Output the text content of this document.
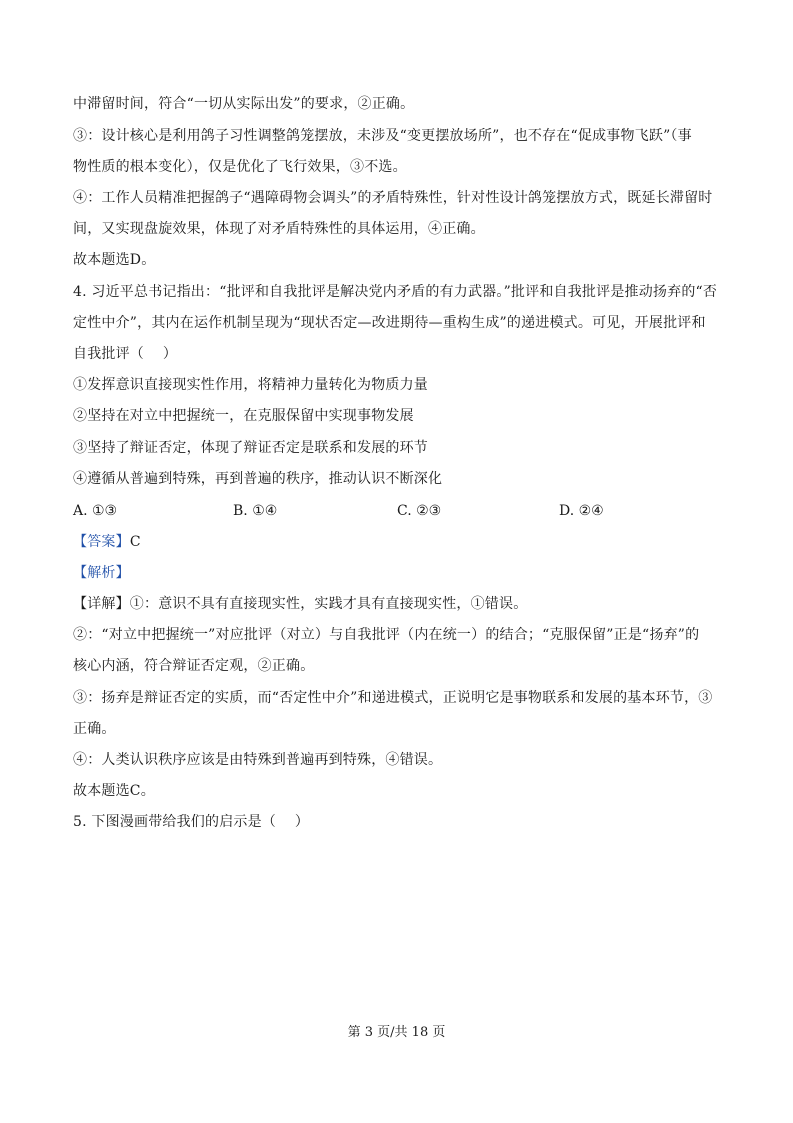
中滞留时间，符合“一切从实际出发”的要求，②正确。
③：设计核心是利用鸽子习性调整鸽笼摆放，未涉及“变更摆放场所”，也不存在“促成事物飞跃”（事
物性质的根本变化），仅是优化了飞行效果，③不选。
④：工作人员精准把握鸽子“遇障碍物会调头”的矛盾特殊性，针对性设计鸽笼摆放方式，既延长滞留时
间，又实现盘旋效果，体现了对矛盾特殊性的具体运用，④正确。
故本题选D。
4. 习近平总书记指出：“批评和自我批评是解决党内矛盾的有力武器。”批评和自我批评是推动扬弃的“否
定性中介”，其内在运作机制呈现为“现状否定—改进期待—重构生成”的递进模式。可见，开展批评和
自我批评（　 ）
①发挥意识直接现实性作用，将精神力量转化为物质力量
②坚持在对立中把握统一，在克服保留中实现事物发展
③坚持了辩证否定，体现了辩证否定是联系和发展的环节
④遵循从普遍到特殊，再到普遍的秩序，推动认识不断深化
A. ①③	B. ①④	C. ②③	D. ②④
【答案】C
【解析】
【详解】①：意识不具有直接现实性，实践才具有直接现实性，①错误。
②：“对立中把握统一”对应批评（对立）与自我批评（内在统一）的结合；“克服保留”正是“扬弃”的
核心内涵，符合辩证否定观，②正确。
③：扬弃是辩证否定的实质，而“否定性中介”和递进模式，正说明它是事物联系和发展的基本环节，③
正确。
④：人类认识秩序应该是由特殊到普遍再到特殊，④错误。
故本题选C。
5. 下图漫画带给我们的启示是（　 ）
第 3 页/共 18 页
